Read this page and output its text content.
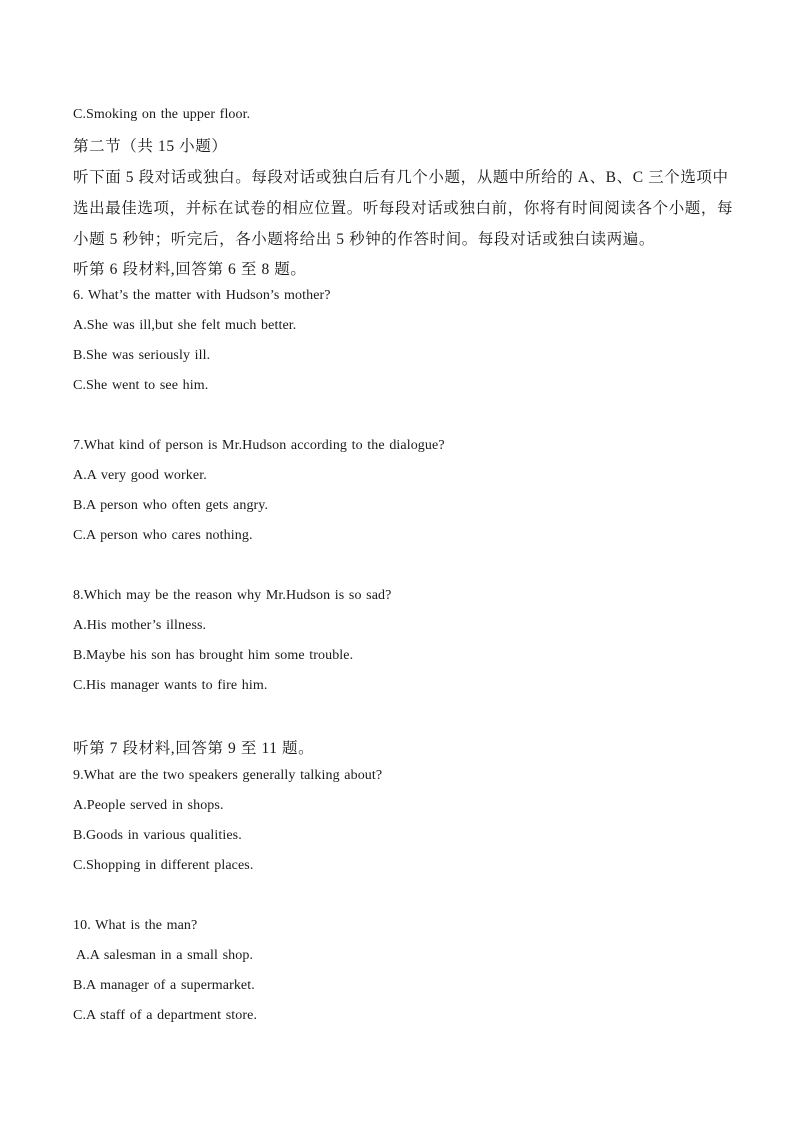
C.Smoking on the upper floor.
第二节（共 15 小题）
听下面 5 段对话或独白。每段对话或独白后有几个小题，从题中所给的 A、B、C 三个选项中
选出最佳选项，并标在试卷的相应位置。听每段对话或独白前，你将有时间阅读各个小题，每
小题 5 秒钟；听完后，各小题将给出 5 秒钟的作答时间。每段对话或独白读两遍。
听第 6 段材料,回答第 6 至 8 题。
6. What’s the matter with Hudson’s mother?
A.She was ill,but she felt much better.
B.She was seriously ill.
C.She went to see him.
7.What kind of person is Mr.Hudson according to the dialogue?
A.A very good worker.
B.A person who often gets angry.
C.A person who cares nothing.
8.Which may be the reason why Mr.Hudson is so sad?
A.His mother’s illness.
B.Maybe his son has brought him some trouble.
C.His manager wants to fire him.
听第 7 段材料,回答第 9 至 11 题。
9.What are the two speakers generally talking about?
A.People served in shops.
B.Goods in various qualities.
C.Shopping in different places.
10. What is the man?
A.A salesman in a small shop.
B.A manager of a supermarket.
C.A staff of a department store.
